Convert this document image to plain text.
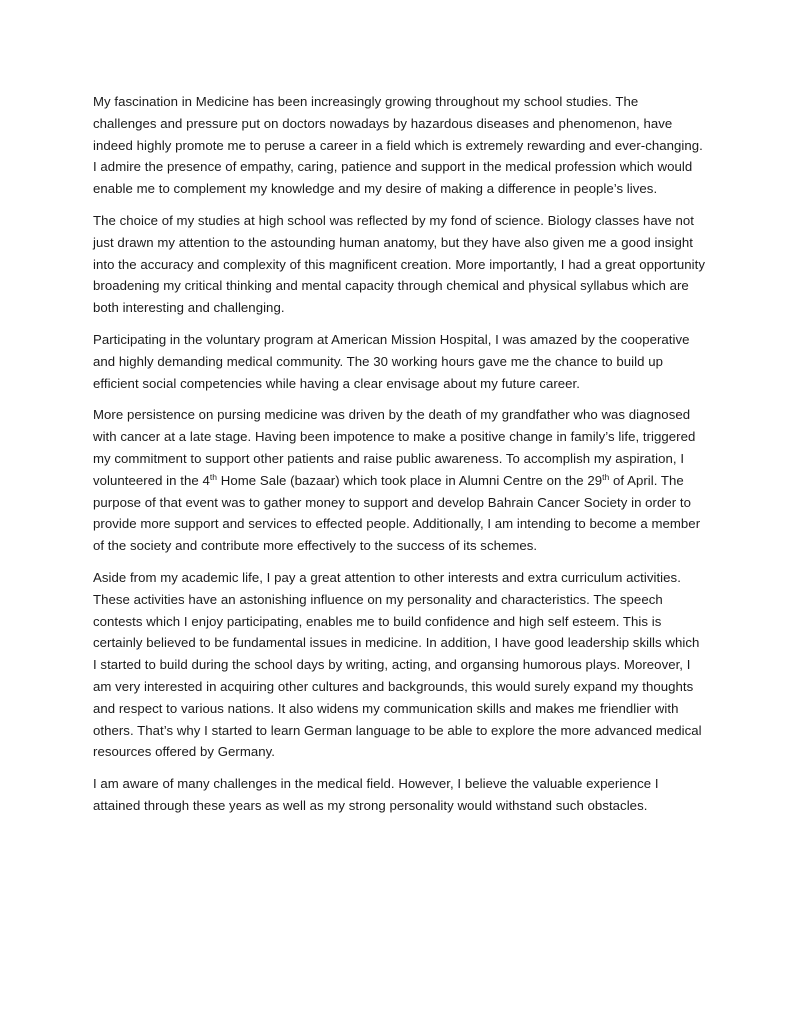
My fascination in Medicine has been increasingly growing throughout my school studies. The challenges and pressure put on doctors nowadays by hazardous diseases and phenomenon, have indeed highly promote me to peruse a career in a field which is extremely rewarding and ever-changing. I admire the presence of empathy, caring, patience and support in the medical profession which would enable me to complement my knowledge and my desire of making a difference in people’s lives.

The choice of my studies at high school was reflected by my fond of science. Biology classes have not just drawn my attention to the astounding human anatomy, but they have also given me a good insight into the accuracy and complexity of this magnificent creation. More importantly, I had a great opportunity broadening my critical thinking and mental capacity through chemical and physical syllabus which are both interesting and challenging.

Participating in the voluntary program at American Mission Hospital, I was amazed by the cooperative and highly demanding medical community. The 30 working hours gave me the chance to build up efficient social competencies while having a clear envisage about my future career.

More persistence on pursing medicine was driven by the death of my grandfather who was diagnosed with cancer at a late stage. Having been impotence to make a positive change in family’s life, triggered my commitment to support other patients and raise public awareness. To accomplish my aspiration, I volunteered in the 4th Home Sale (bazaar) which took place in Alumni Centre on the 29th of April. The purpose of that event was to gather money to support and develop Bahrain Cancer Society in order to provide more support and services to effected people. Additionally, I am intending to become a member of the society and contribute more effectively to the success of its schemes.

Aside from my academic life, I pay a great attention to other interests and extra curriculum activities. These activities have an astonishing influence on my personality and characteristics. The speech contests which I enjoy participating, enables me to build confidence and high self esteem. This is certainly believed to be fundamental issues in medicine. In addition, I have good leadership skills which I started to build during the school days by writing, acting, and organsing humorous plays. Moreover, I am very interested in acquiring other cultures and backgrounds, this would surely expand my thoughts and respect to various nations. It also widens my communication skills and makes me friendlier with others. That’s why I started to learn German language to be able to explore the more advanced medical resources offered by Germany.

I am aware of many challenges in the medical field. However, I believe the valuable experience I attained through these years as well as my strong personality would withstand such obstacles.
